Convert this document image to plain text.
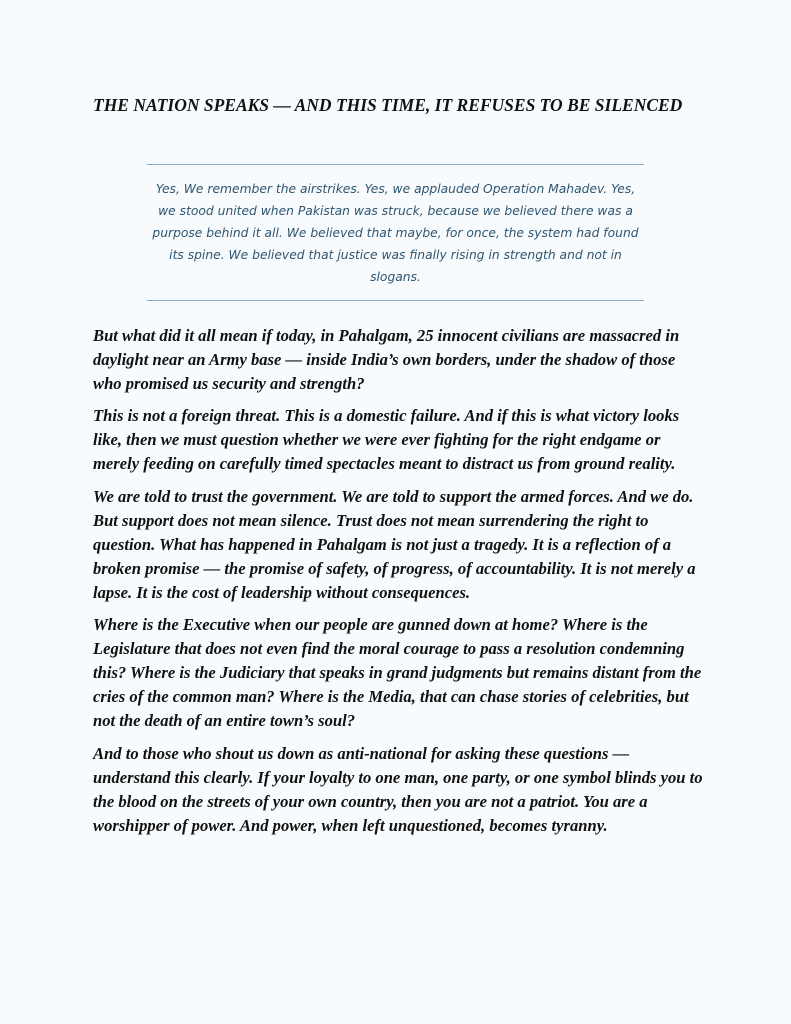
THE NATION SPEAKS — AND THIS TIME, IT REFUSES TO BE SILENCED

Yes, We remember the airstrikes. Yes, we applauded Operation Mahadev. Yes, we stood united when Pakistan was struck, because we believed there was a purpose behind it all. We believed that maybe, for once, the system had found its spine. We believed that justice was finally rising in strength and not in slogans.

But what did it all mean if today, in Pahalgam, 25 innocent civilians are massacred in daylight near an Army base — inside India’s own borders, under the shadow of those who promised us security and strength?

This is not a foreign threat. This is a domestic failure. And if this is what victory looks like, then we must question whether we were ever fighting for the right endgame or merely feeding on carefully timed spectacles meant to distract us from ground reality.

We are told to trust the government. We are told to support the armed forces. And we do. But support does not mean silence. Trust does not mean surrendering the right to question. What has happened in Pahalgam is not just a tragedy. It is a reflection of a broken promise — the promise of safety, of progress, of accountability. It is not merely a lapse. It is the cost of leadership without consequences.

Where is the Executive when our people are gunned down at home? Where is the Legislature that does not even find the moral courage to pass a resolution condemning this? Where is the Judiciary that speaks in grand judgments but remains distant from the cries of the common man? Where is the Media, that can chase stories of celebrities, but not the death of an entire town’s soul?

And to those who shout us down as anti-national for asking these questions — understand this clearly. If your loyalty to one man, one party, or one symbol blinds you to the blood on the streets of your own country, then you are not a patriot. You are a worshipper of power. And power, when left unquestioned, becomes tyranny.
